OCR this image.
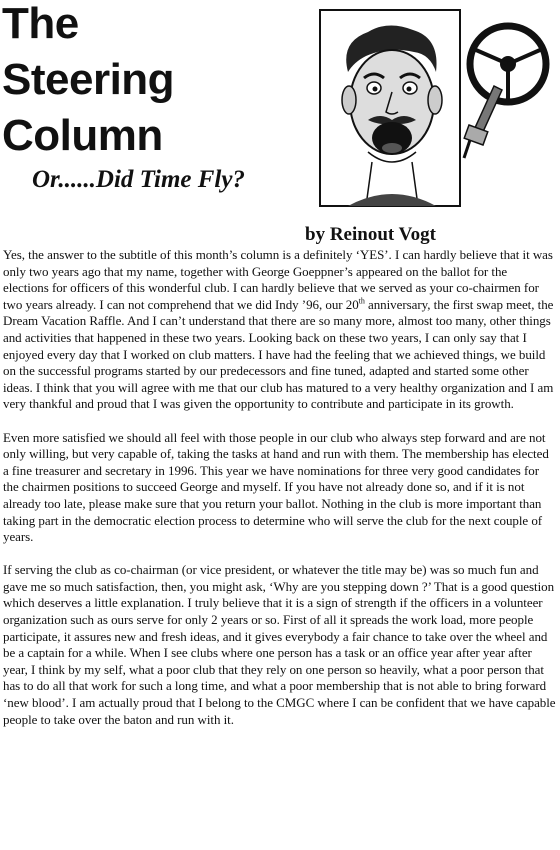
The
Steering
Column
Or......Did Time Fly?
by Reinout Vogt

Yes, the answer to the subtitle of this month’s column is a definitely ‘YES’. I can hardly believe that it was only two years ago that my name, together with George Goeppner’s appeared on the ballot for the elections for officers of this wonderful club. I can hardly believe that we served as your co-chairmen for two years already. I can not comprehend that we did Indy ’96, our 20th anniversary, the first swap meet, the Dream Vacation Raffle. And I can’t understand that there are so many more, almost too many, other things and activities that happened in these two years. Looking back on these two years, I can only say that I enjoyed every day that I worked on club matters. I have had the feeling that we achieved things, we build on the successful programs started by our predecessors and fine tuned, adapted and started some other ideas. I think that you will agree with me that our club has matured to a very healthy organization and I am very thankful and proud that I was given the opportunity to contribute and participate in its growth.

Even more satisfied we should all feel with those people in our club who always step forward and are not only willing, but very capable of, taking the tasks at hand and run with them. The membership has elected a fine treasurer and secretary in 1996. This year we have nominations for three very good candidates for the chairmen positions to succeed George and myself. If you have not already done so, and if it is not already too late, please make sure that you return your ballot. Nothing in the club is more important than taking part in the democratic election process to determine who will serve the club for the next couple of years.

If serving the club as co-chairman (or vice president, or whatever the title may be) was so much fun and gave me so much satisfaction, then, you might ask, ‘Why are you stepping down ?’ That is a good question which deserves a little explanation. I truly believe that it is a sign of strength if the officers in a volunteer organization such as ours serve for only 2 years or so. First of all it spreads the work load, more people participate, it assures new and fresh ideas, and it gives everybody a fair chance to take over the wheel and be a captain for a while. When I see clubs where one person has a task or an office year after year after year, I think by my self, what a poor club that they rely on one person so heavily, what a poor person that has to do all that work for such a long time, and what a poor membership that is not able to bring forward ‘new blood’. I am actually proud that I belong to the CMGC where I can be confident that we have capable people to take over the baton and run with it.
